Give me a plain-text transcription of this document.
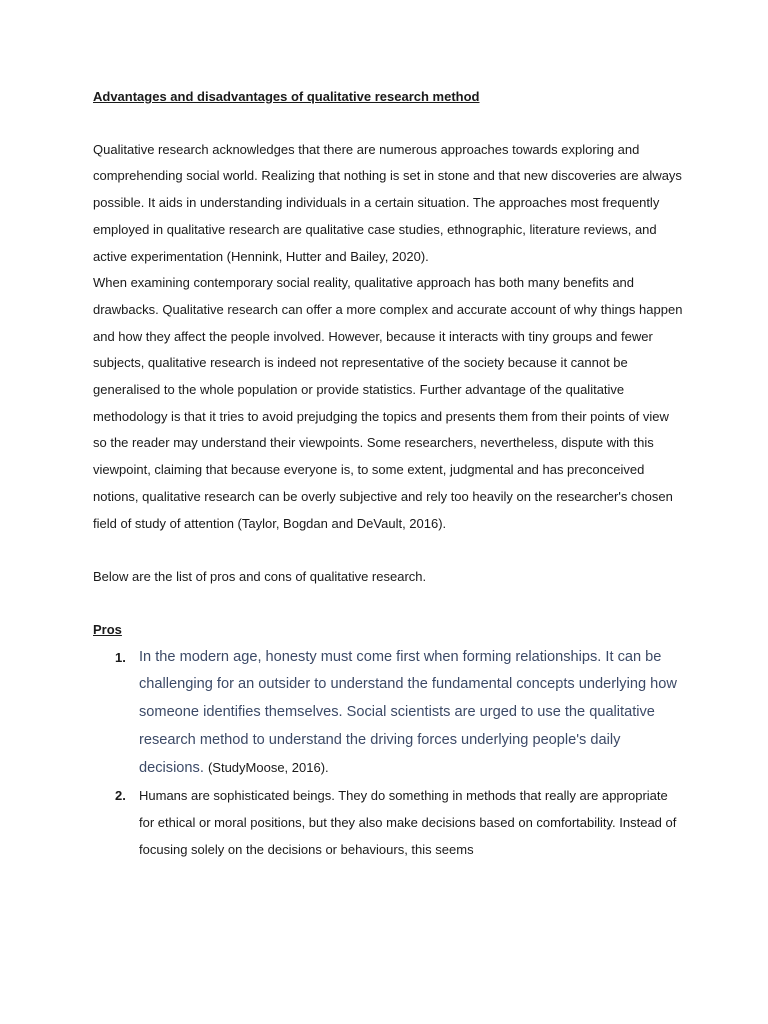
Advantages and disadvantages of qualitative research method

Qualitative research acknowledges that there are numerous approaches towards exploring and comprehending social world. Realizing that nothing is set in stone and that new discoveries are always possible. It aids in understanding individuals in a certain situation. The approaches most frequently employed in qualitative research are qualitative case studies, ethnographic, literature reviews, and active experimentation (Hennink, Hutter and Bailey, 2020).

When examining contemporary social reality, qualitative approach has both many benefits and drawbacks. Qualitative research can offer a more complex and accurate account of why things happen and how they affect the people involved. However, because it interacts with tiny groups and fewer subjects, qualitative research is indeed not representative of the society because it cannot be generalised to the whole population or provide statistics. Further advantage of the qualitative methodology is that it tries to avoid prejudging the topics and presents them from their points of view so the reader may understand their viewpoints. Some researchers, nevertheless, dispute with this viewpoint, claiming that because everyone is, to some extent, judgmental and has preconceived notions, qualitative research can be overly subjective and rely too heavily on the researcher's chosen field of study of attention (Taylor, Bogdan and DeVault, 2016).

Below are the list of pros and cons of qualitative research.

Pros

1. In the modern age, honesty must come first when forming relationships. It can be challenging for an outsider to understand the fundamental concepts underlying how someone identifies themselves. Social scientists are urged to use the qualitative research method to understand the driving forces underlying people's daily decisions. (StudyMoose, 2016).
2. Humans are sophisticated beings. They do something in methods that really are appropriate for ethical or moral positions, but they also make decisions based on comfortability. Instead of focusing solely on the decisions or behaviours, this seems
